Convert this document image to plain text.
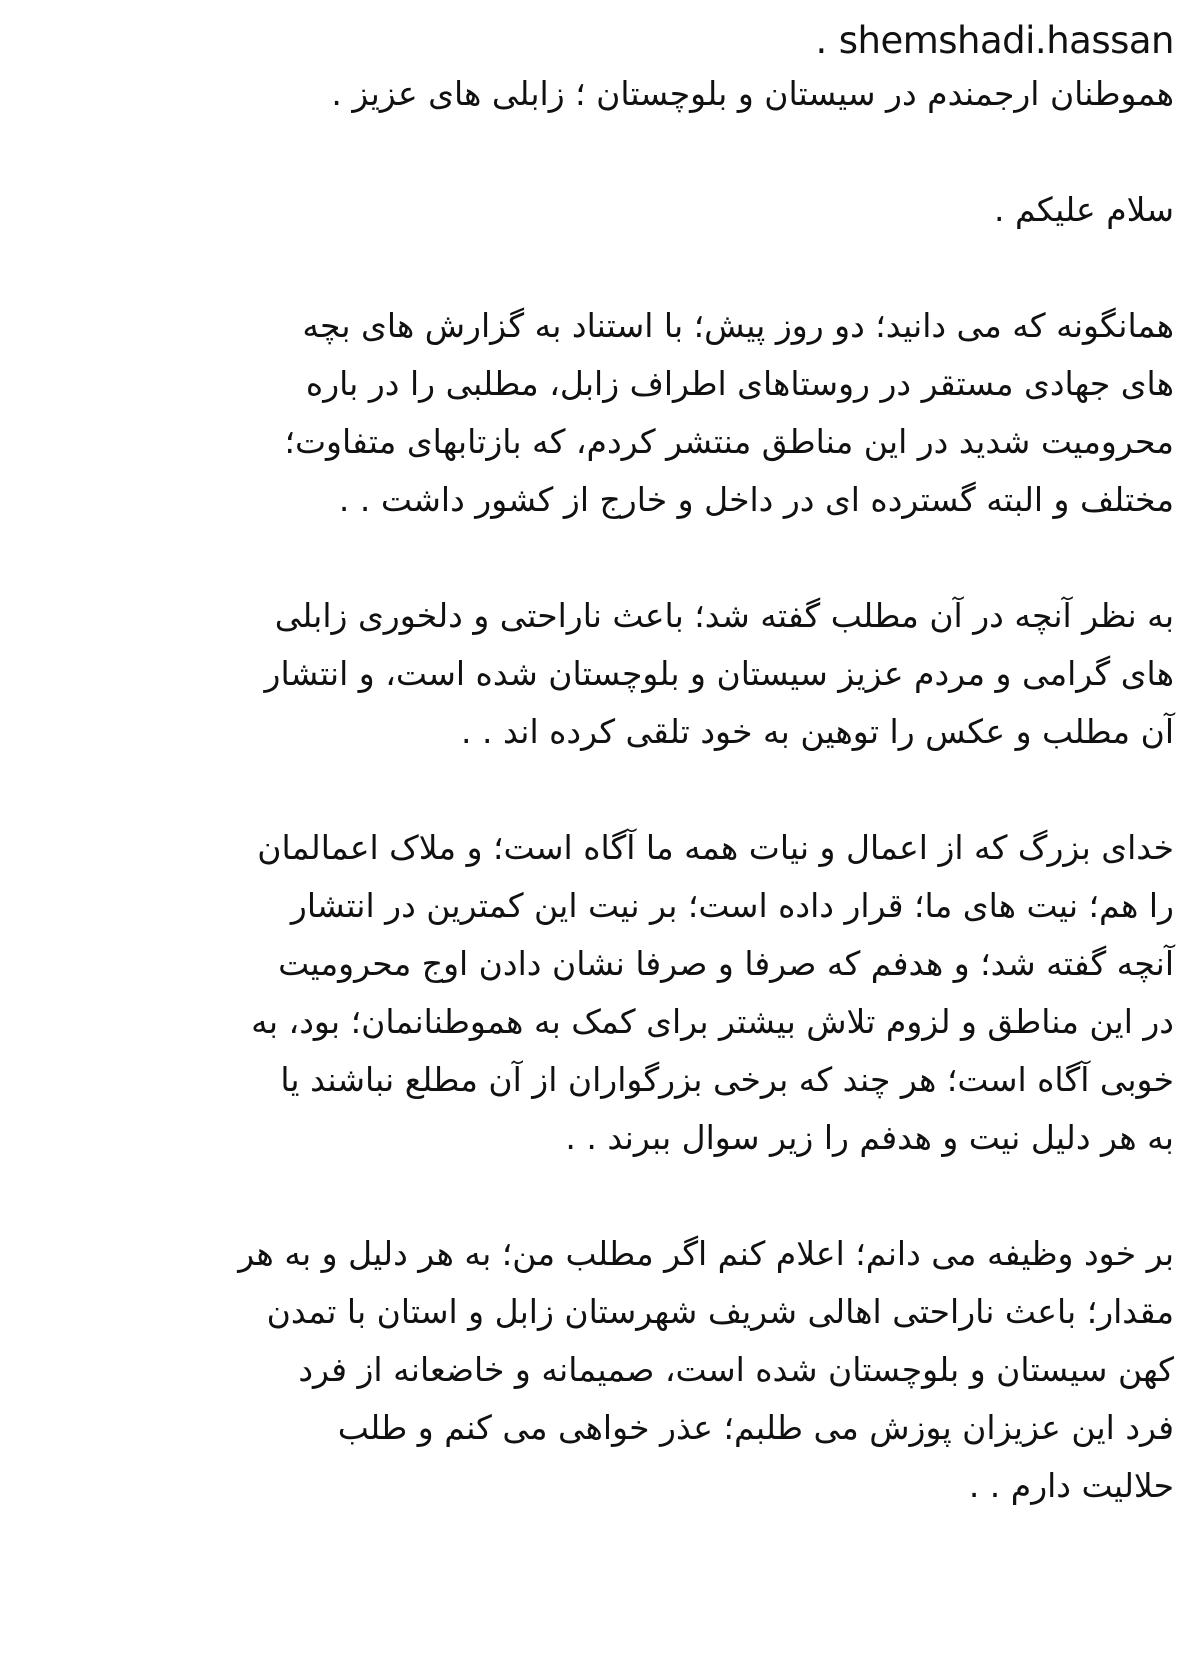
. shemshadi.hassan
هموطنان ارجمندم در سیستان و بلوچستان ؛ زابلی های عزیز .
سلام علیکم .
همانگونه که می دانید؛ دو روز پیش؛ با استناد به گزارش های بچه
های جهادی مستقر در روستاهای اطراف زابل، مطلبی را در باره
محرومیت شدید در این مناطق منتشر کردم، که بازتابهای متفاوت؛
مختلف و البته گسترده ای در داخل و خارج از کشور داشت . .
به نظر آنچه در آن مطلب گفته شد؛ باعث ناراحتی و دلخوری زابلی
های گرامی و مردم عزیز سیستان و بلوچستان شده است، و انتشار
آن مطلب و عکس را توهین به خود تلقی کرده اند . .
خدای بزرگ که از اعمال و نیات همه ما آگاه است؛ و ملاک اعمالمان
را هم؛ نیت های ما؛ قرار داده است؛ بر نیت این کمترین در انتشار
آنچه گفته شد؛ و هدفم که صرفا و صرفا نشان دادن اوج محرومیت
در این مناطق و لزوم تلاش بیشتر برای کمک به هموطنانمان؛ بود، به
خوبی آگاه است؛ هر چند که برخی بزرگواران از آن مطلع نباشند یا
به هر دلیل نیت و هدفم را زیر سوال ببرند . .
بر خود وظیفه می دانم؛ اعلام کنم اگر مطلب من؛ به هر دلیل و به هر
مقدار؛ باعث ناراحتی اهالی شریف شهرستان زابل و استان با تمدن
کهن سیستان و بلوچستان شده است، صمیمانه و خاضعانه از فرد
فرد این عزیزان پوزش می طلبم؛ عذر خواهی می کنم و طلب
حلالیت دارم . .
